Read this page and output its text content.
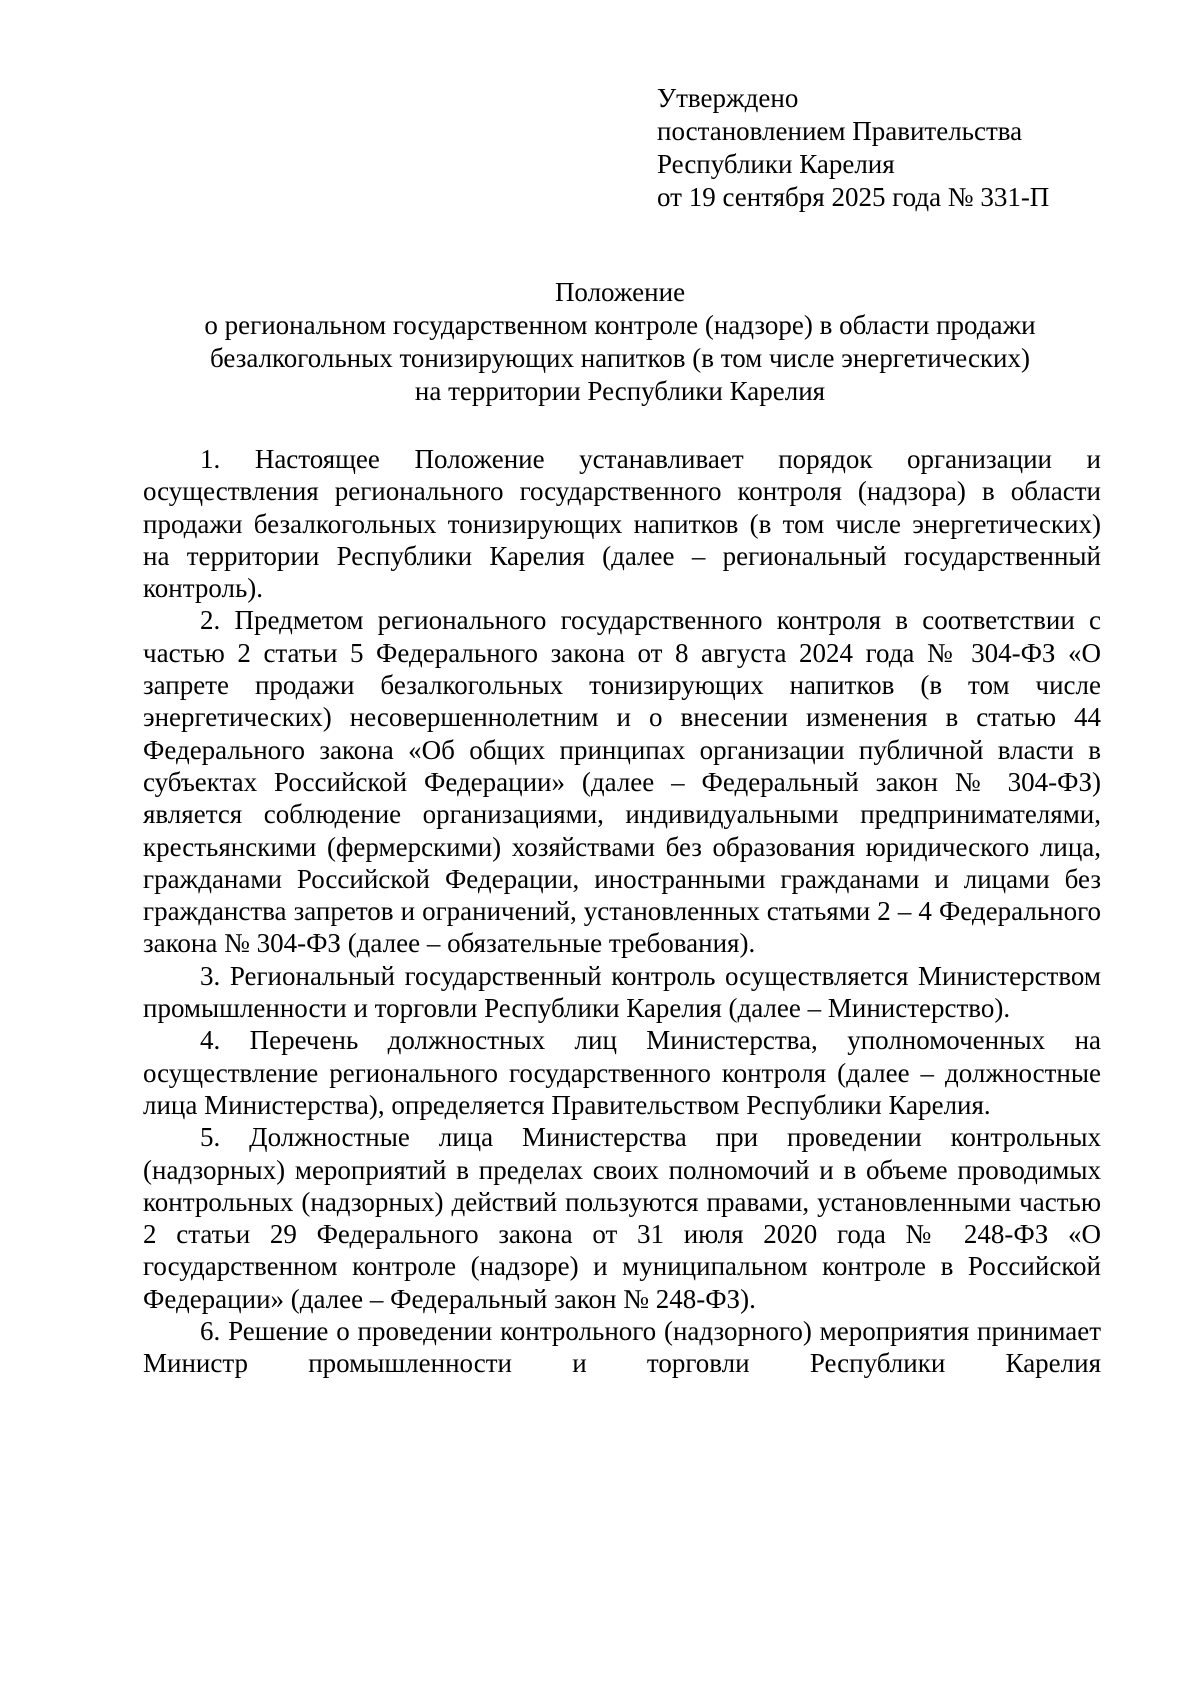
Утверждено
постановлением Правительства
Республики Карелия
от 19 сентября 2025 года № 331-П
Положение
о региональном государственном контроле (надзоре) в области продажи
безалкогольных тонизирующих напитков (в том числе энергетических)
на территории Республики Карелия

1. Настоящее Положение устанавливает порядок организации и осуществления регионального государственного контроля (надзора) в области продажи безалкогольных тонизирующих напитков (в том числе энергетических) на территории Республики Карелия (далее – региональный государственный контроль).

2. Предметом регионального государственного контроля в соответствии с частью 2 статьи 5 Федерального закона от 8 августа 2024 года № 304-ФЗ «О запрете продажи безалкогольных тонизирующих напитков (в том числе энергетических) несовершеннолетним и о внесении изменения в статью 44 Федерального закона «Об общих принципах организации публичной власти в субъектах Российской Федерации» (далее – Федеральный закон № 304-ФЗ) является соблюдение организациями, индивидуальными предпринимателями, крестьянскими (фермерскими) хозяйствами без образования юридического лица, гражданами Российской Федерации, иностранными гражданами и лицами без гражданства запретов и ограничений, установленных статьями 2 – 4 Федерального закона № 304-ФЗ (далее – обязательные требования).

3. Региональный государственный контроль осуществляется Министерством промышленности и торговли Республики Карелия (далее – Министерство).

4. Перечень должностных лиц Министерства, уполномоченных на осуществление регионального государственного контроля (далее – должностные лица Министерства), определяется Правительством Республики Карелия.

5. Должностные лица Министерства при проведении контрольных (надзорных) мероприятий в пределах своих полномочий и в объеме проводимых контрольных (надзорных) действий пользуются правами, установленными частью 2 статьи 29 Федерального закона от 31 июля 2020 года № 248-ФЗ «О государственном контроле (надзоре) и муниципальном контроле в Российской Федерации» (далее – Федеральный закон № 248-ФЗ).

6. Решение о проведении контрольного (надзорного) мероприятия принимает Министр промышленности и торговли Республики Карелия
